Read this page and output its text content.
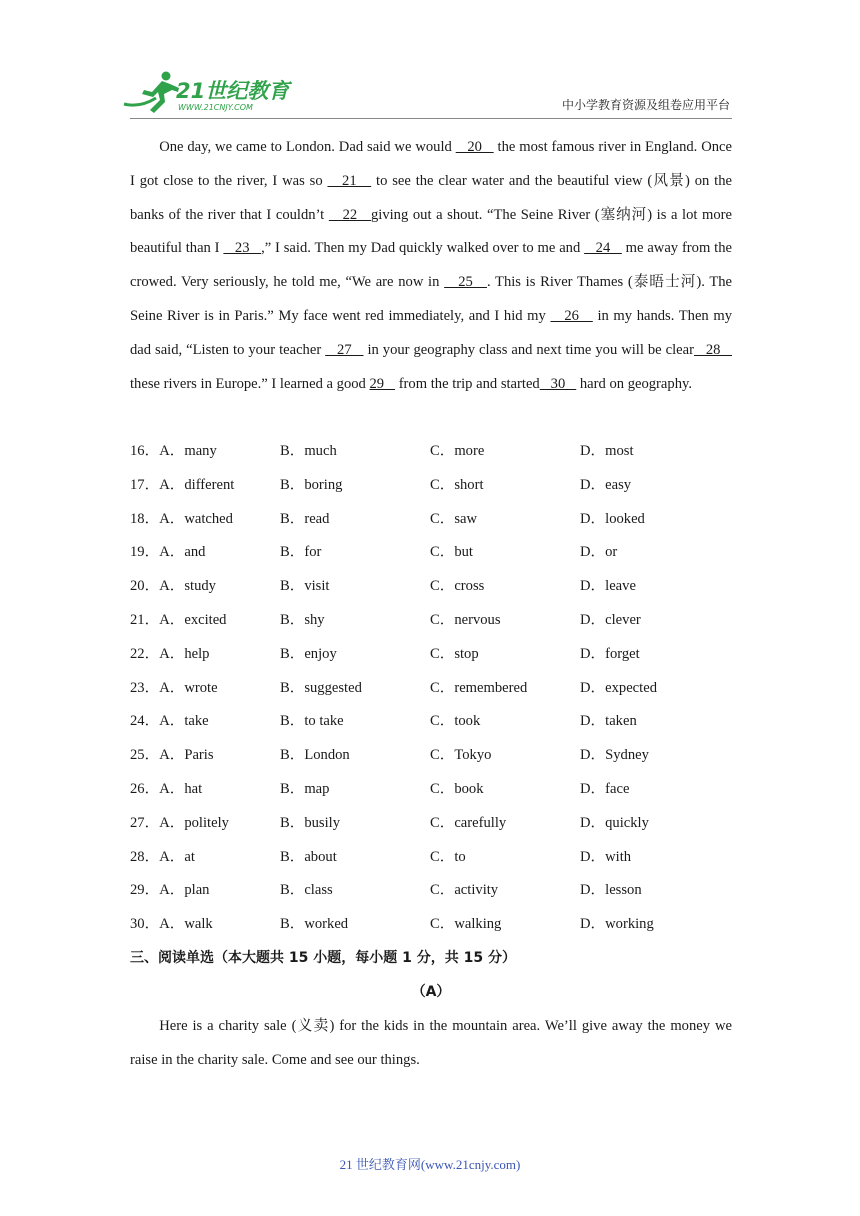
21世纪教育
WWW.21CNJY.COM	中小学教育资源及组卷应用平台

One day, we came to London. Dad said we would    20    the most famous river in England. Once I got close to the river, I was so    21    to see the clear water and the beautiful view (风景) on the banks of the river that I couldn’t    22   giving out a shout. “The Seine River (塞纳河) is a lot more beautiful than I    23   ,” I said. Then my Dad quickly walked over to me and    24    me away from the crowed. Very seriously, he told me, “We are now in    25   . This is River Thames (泰晤士河). The Seine River is in Paris.” My face went red immediately, and I hid my    26    in my hands. Then my dad said, “Listen to your teacher    27    in your geography class and next time you will be clear   28    these rivers in Europe.” I learned a good 29    from the trip and started   30    hard on geography.

16．A．many	B．much	C．more	D．most
17．A．different	B．boring	C．short	D．easy
18．A．watched	B．read	C．saw	D．looked
19．A．and	B．for	C．but	D．or
20．A．study	B．visit	C．cross	D．leave
21．A．excited	B．shy	C．nervous	D．clever
22．A．help	B．enjoy	C．stop	D．forget
23．A．wrote	B．suggested	C．remembered	D．expected
24．A．take	B．to take	C．took	D．taken
25．A．Paris	B．London	C．Tokyo	D．Sydney
26．A．hat	B．map	C．book	D．face
27．A．politely	B．busily	C．carefully	D．quickly
28．A．at	B．about	C．to	D．with
29．A．plan	B．class	C．activity	D．lesson
30．A．walk	B．worked	C．walking	D．working
三、阅读单选（本大题共 15 小题，每小题 1 分，共 15 分）
（A）

Here is a charity sale (义卖) for the kids in the mountain area. We’ll give away the money we raise in the charity sale. Come and see our things.

21 世纪教育网(www.21cnjy.com)
